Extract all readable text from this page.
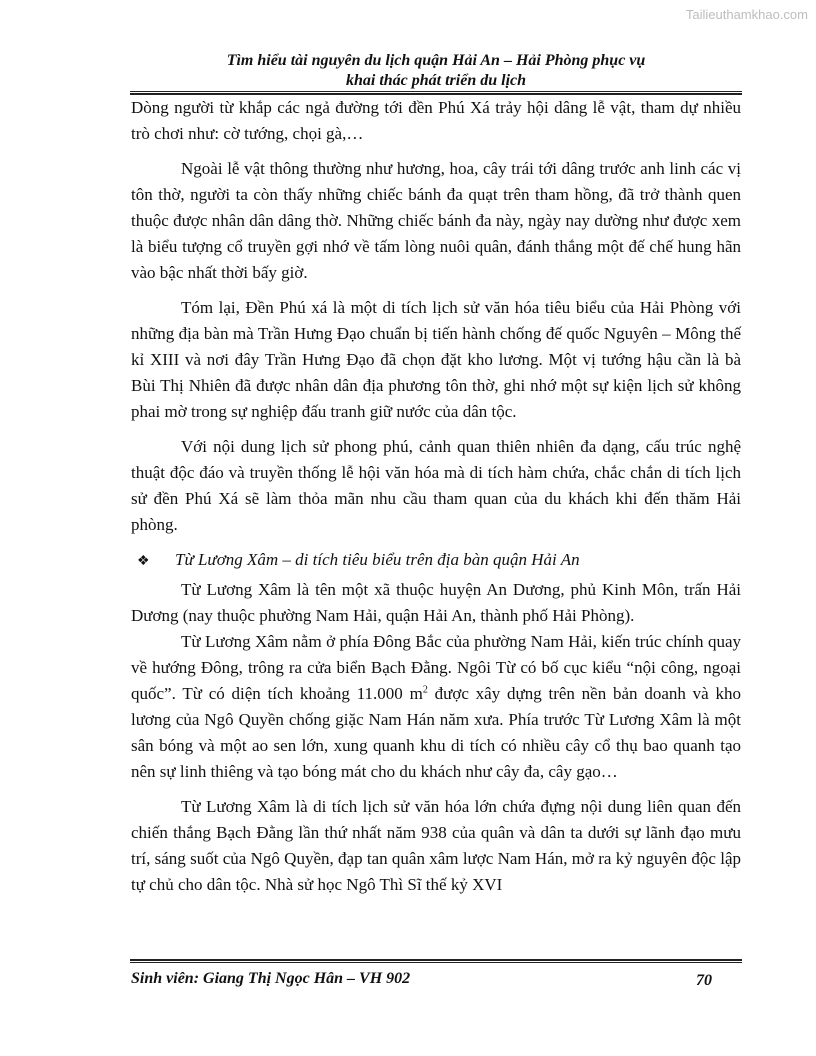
Tailieuthamkhao.com
Tìm hiểu tài nguyên du lịch quận Hải An – Hải Phòng phục vụ
khai thác phát triển du lịch

Dòng người từ khắp các ngả đường tới đền Phú Xá trảy hội dâng lễ vật, tham dự nhiều trò chơi như: cờ tướng, chọi gà,…

Ngoài lễ vật thông thường như hương, hoa, cây trái tới dâng trước anh linh các vị tôn thờ, người ta còn thấy những chiếc bánh đa quạt trên tham hồng, đã trở thành quen thuộc được nhân dân dâng thờ. Những chiếc bánh đa này, ngày nay dường như được xem là biểu tượng cổ truyền gợi nhớ về tấm lòng nuôi quân, đánh thắng một đế chế hung hãn vào bậc nhất thời bấy giờ.

Tóm lại, Đền Phú xá là một di tích lịch sử văn hóa tiêu biểu của Hải Phòng với những địa bàn mà Trần Hưng Đạo chuẩn bị tiến hành chống đế quốc Nguyên – Mông thế kỉ XIII và nơi đây Trần Hưng Đạo đã chọn đặt kho lương. Một vị tướng hậu cần là bà Bùi Thị Nhiên đã được nhân dân địa phương tôn thờ, ghi nhớ một sự kiện lịch sử không phai mờ trong sự nghiệp đấu tranh giữ nước của dân tộc.

Với nội dung lịch sử phong phú, cảnh quan thiên nhiên đa dạng, cấu trúc nghệ thuật độc đáo và truyền thống lễ hội văn hóa mà di tích hàm chứa, chắc chắn di tích lịch sử đền Phú Xá sẽ làm thỏa mãn nhu cầu tham quan của du khách khi đến thăm Hải phòng.

❖	Từ Lương Xâm – di tích tiêu biểu trên địa bàn quận Hải An

Từ Lương Xâm là tên một xã thuộc huyện An Dương, phủ Kinh Môn, trấn Hải Dương (nay thuộc phường Nam Hải, quận Hải An, thành phố Hải Phòng).

Từ Lương Xâm nằm ở phía Đông Bắc của phường Nam Hải, kiến trúc chính quay về hướng Đông, trông ra cửa biển Bạch Đằng. Ngôi Từ có bố cục kiểu “nội công, ngoại quốc”. Từ có diện tích khoảng 11.000 $m^2$ được xây dựng trên nền bản doanh và kho lương của Ngô Quyền chống giặc Nam Hán năm xưa. Phía trước Từ Lương Xâm là một sân bóng và một ao sen lớn, xung quanh khu di tích có nhiều cây cổ thụ bao quanh tạo nên sự linh thiêng và tạo bóng mát cho du khách như cây đa, cây gạo…

Từ Lương Xâm là di tích lịch sử văn hóa lớn chứa đựng nội dung liên quan đến chiến thắng Bạch Đằng lần thứ nhất năm 938 của quân và dân ta dưới sự lãnh đạo mưu trí, sáng suốt của Ngô Quyền, đạp tan quân xâm lược Nam Hán, mở ra kỷ nguyên độc lập tự chủ cho dân tộc. Nhà sử học Ngô Thì Sĩ thế kỷ XVI

Sinh viên: Giang Thị Ngọc Hân – VH 902	70
